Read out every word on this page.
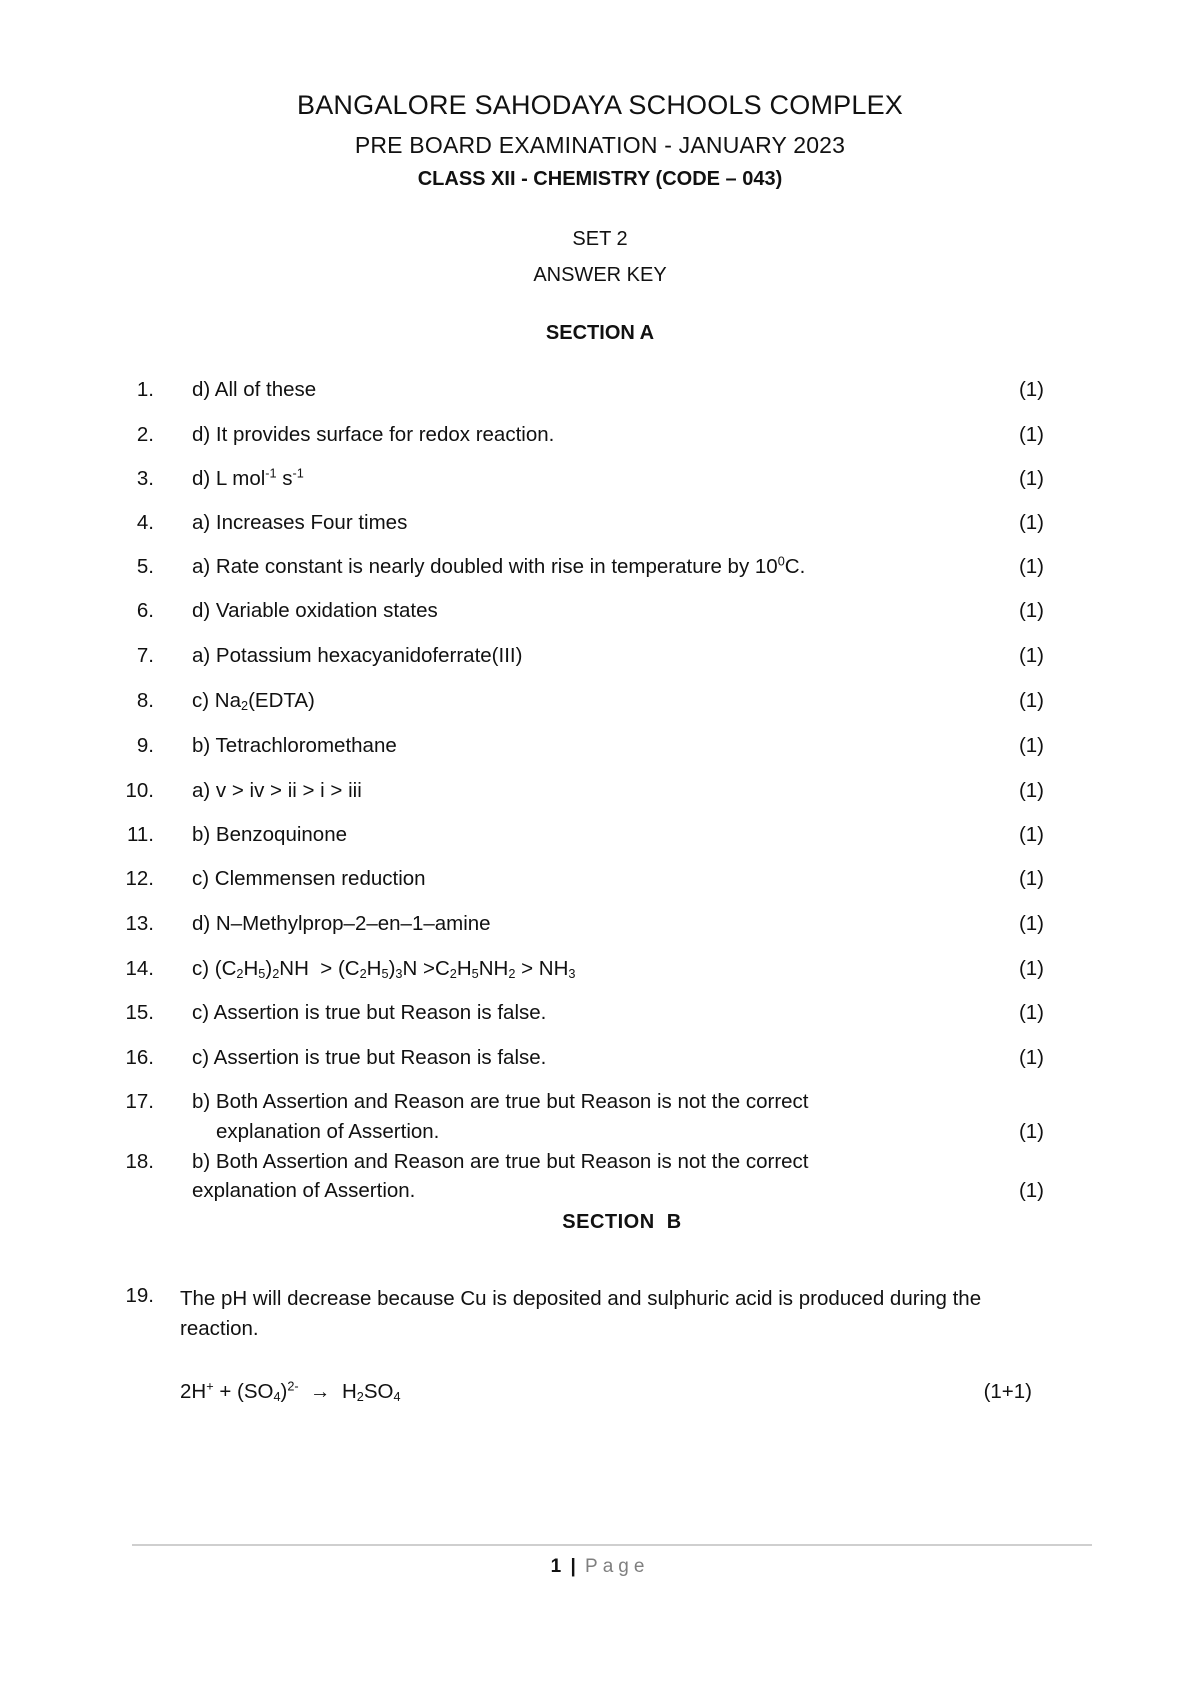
BANGALORE SAHODAYA SCHOOLS COMPLEX
PRE BOARD EXAMINATION - JANUARY 2023
CLASS XII - CHEMISTRY (CODE – 043)
SET 2
ANSWER KEY
SECTION A
1. d) All of these	(1)
2. d) It provides surface for redox reaction.	(1)
3. d) L mol$^{-1}$ $s^{-1}$	(1)
4. a) Increases Four times	(1)
5. a) Rate constant is nearly doubled with rise in temperature by $10^0C$.	(1)
6. d) Variable oxidation states	(1)
7. a) Potassium hexacyanidoferrate(III)	(1)
8. c) $Na_2(EDTA)$	(1)
9. b) Tetrachloromethane	(1)
10. a) v > iv > ii > i > iii	(1)
11. b) Benzoquinone	(1)
12. c) Clemmensen reduction	(1)
13. d) N–Methylprop–2–en–1–amine	(1)
14. c) $(C_2H_5)_2NH > (C_2H_5)_3N >C_2H_5NH_2 > NH_3$	(1)
15. c) Assertion is true but Reason is false.	(1)
16. c) Assertion is true but Reason is false.	(1)
17. b) Both Assertion and Reason are true but Reason is not the correct
explanation of Assertion.	(1)
18. b) Both Assertion and Reason are true but Reason is not the correct
explanation of Assertion.	(1)
SECTION  B
19. The pH will decrease because Cu is deposited and sulphuric acid is produced during the reaction.
$2H^+ + (SO_4)^{2-} \to H_2SO_4$	(1+1)
1 | Page
